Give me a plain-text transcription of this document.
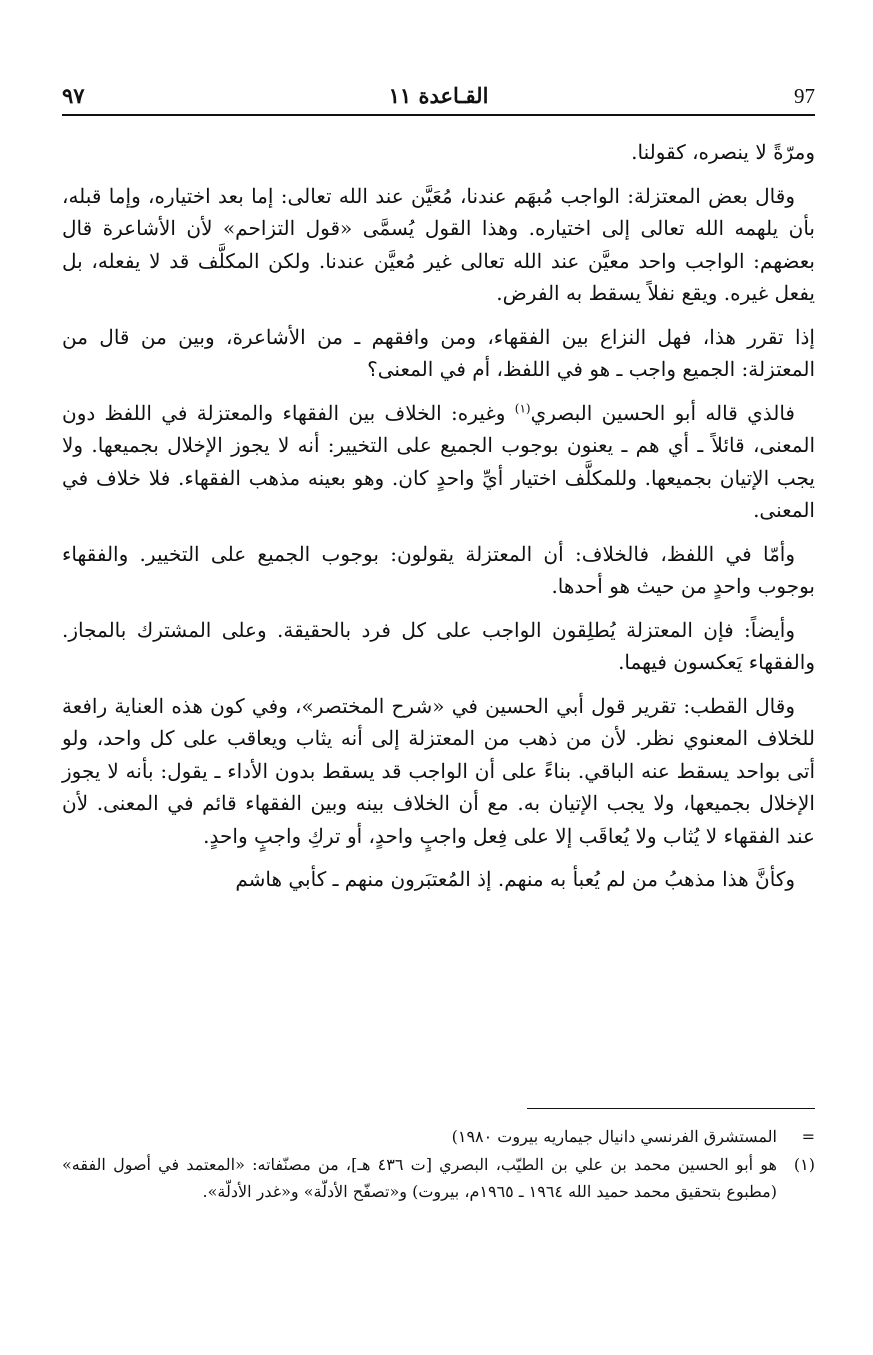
٩٧	القـاعدة ١١	97

ومرّةً لا ينصره، كقولنا.

وقال بعض المعتزلة: الواجب مُبهَم عندنا، مُعَيَّن عند الله تعالى: إما بعد اختياره، وإما قبله، بأن يلهمه الله تعالى إلى اختياره. وهذا القول يُسمَّى «قول التزاحم» لأن الأشاعرة قال بعضهم: الواجب واحد معيَّن عند الله تعالى غير مُعيَّن عندنا. ولكن المكلَّف قد لا يفعله، بل يفعل غيره. ويقع نفلاً يسقط به الفرض.

إذا تقرر هذا، فهل النزاع بين الفقهاء، ومن وافقهم ـ من الأشاعرة، وبين من قال من المعتزلة: الجميع واجب ـ هو في اللفظ، أم في المعنى؟

فالذي قاله أبو الحسين البصري$^{(١)}$ وغيره: الخلاف بين الفقهاء والمعتزلة في اللفظ دون المعنى، قائلاً ـ أي هم ـ يعنون بوجوب الجميع على التخيير: أنه لا يجوز الإخلال بجميعها. ولا يجب الإتيان بجميعها. وللمكلَّف اختيار أيِّ واحدٍ كان. وهو بعينه مذهب الفقهاء. فلا خلاف في المعنى.

وأمّا في اللفظ، فالخلاف: أن المعتزلة يقولون: بوجوب الجميع على التخيير. والفقهاء بوجوب واحدٍ من حيث هو أحدها.

وأيضاً: فإن المعتزلة يُطلِقون الواجب على كل فرد بالحقيقة. وعلى المشترك بالمجاز. والفقهاء يَعكسون فيهما.

وقال القطب: تقرير قول أبي الحسين في «شرح المختصر»، وفي كون هذه العناية رافعة للخلاف المعنوي نظر. لأن من ذهب من المعتزلة إلى أنه يثاب ويعاقب على كل واحد، ولو أتى بواحد يسقط عنه الباقي. بناءً على أن الواجب قد يسقط بدون الأداء ـ يقول: بأنه لا يجوز الإخلال بجميعها، ولا يجب الإتيان به. مع أن الخلاف بينه وبين الفقهاء قائم في المعنى. لأن عند الفقهاء لا يُثاب ولا يُعاقَب إلا على فِعل واجبٍ واحدٍ، أو تركِ واجبٍ واحدٍ.

وكأنَّ هذا مذهبُ من لم يُعبأ به منهم. إذ المُعتبَرون منهم ـ كأبي هاشم

=
المستشرق الفرنسي دانيال جيماريه بيروت ١٩٨٠)
(١)
هو أبو الحسين محمد بن علي بن الطيّب، البصري [ت ٤٣٦ هـ]، من مصنّفاته: «المعتمد في أصول الفقه» (مطبوع بتحقيق محمد حميد الله ١٩٦٤ ـ ١٩٦٥م، بيروت) و«تصفّح الأدلّة» و«غدر الأدلّة».
